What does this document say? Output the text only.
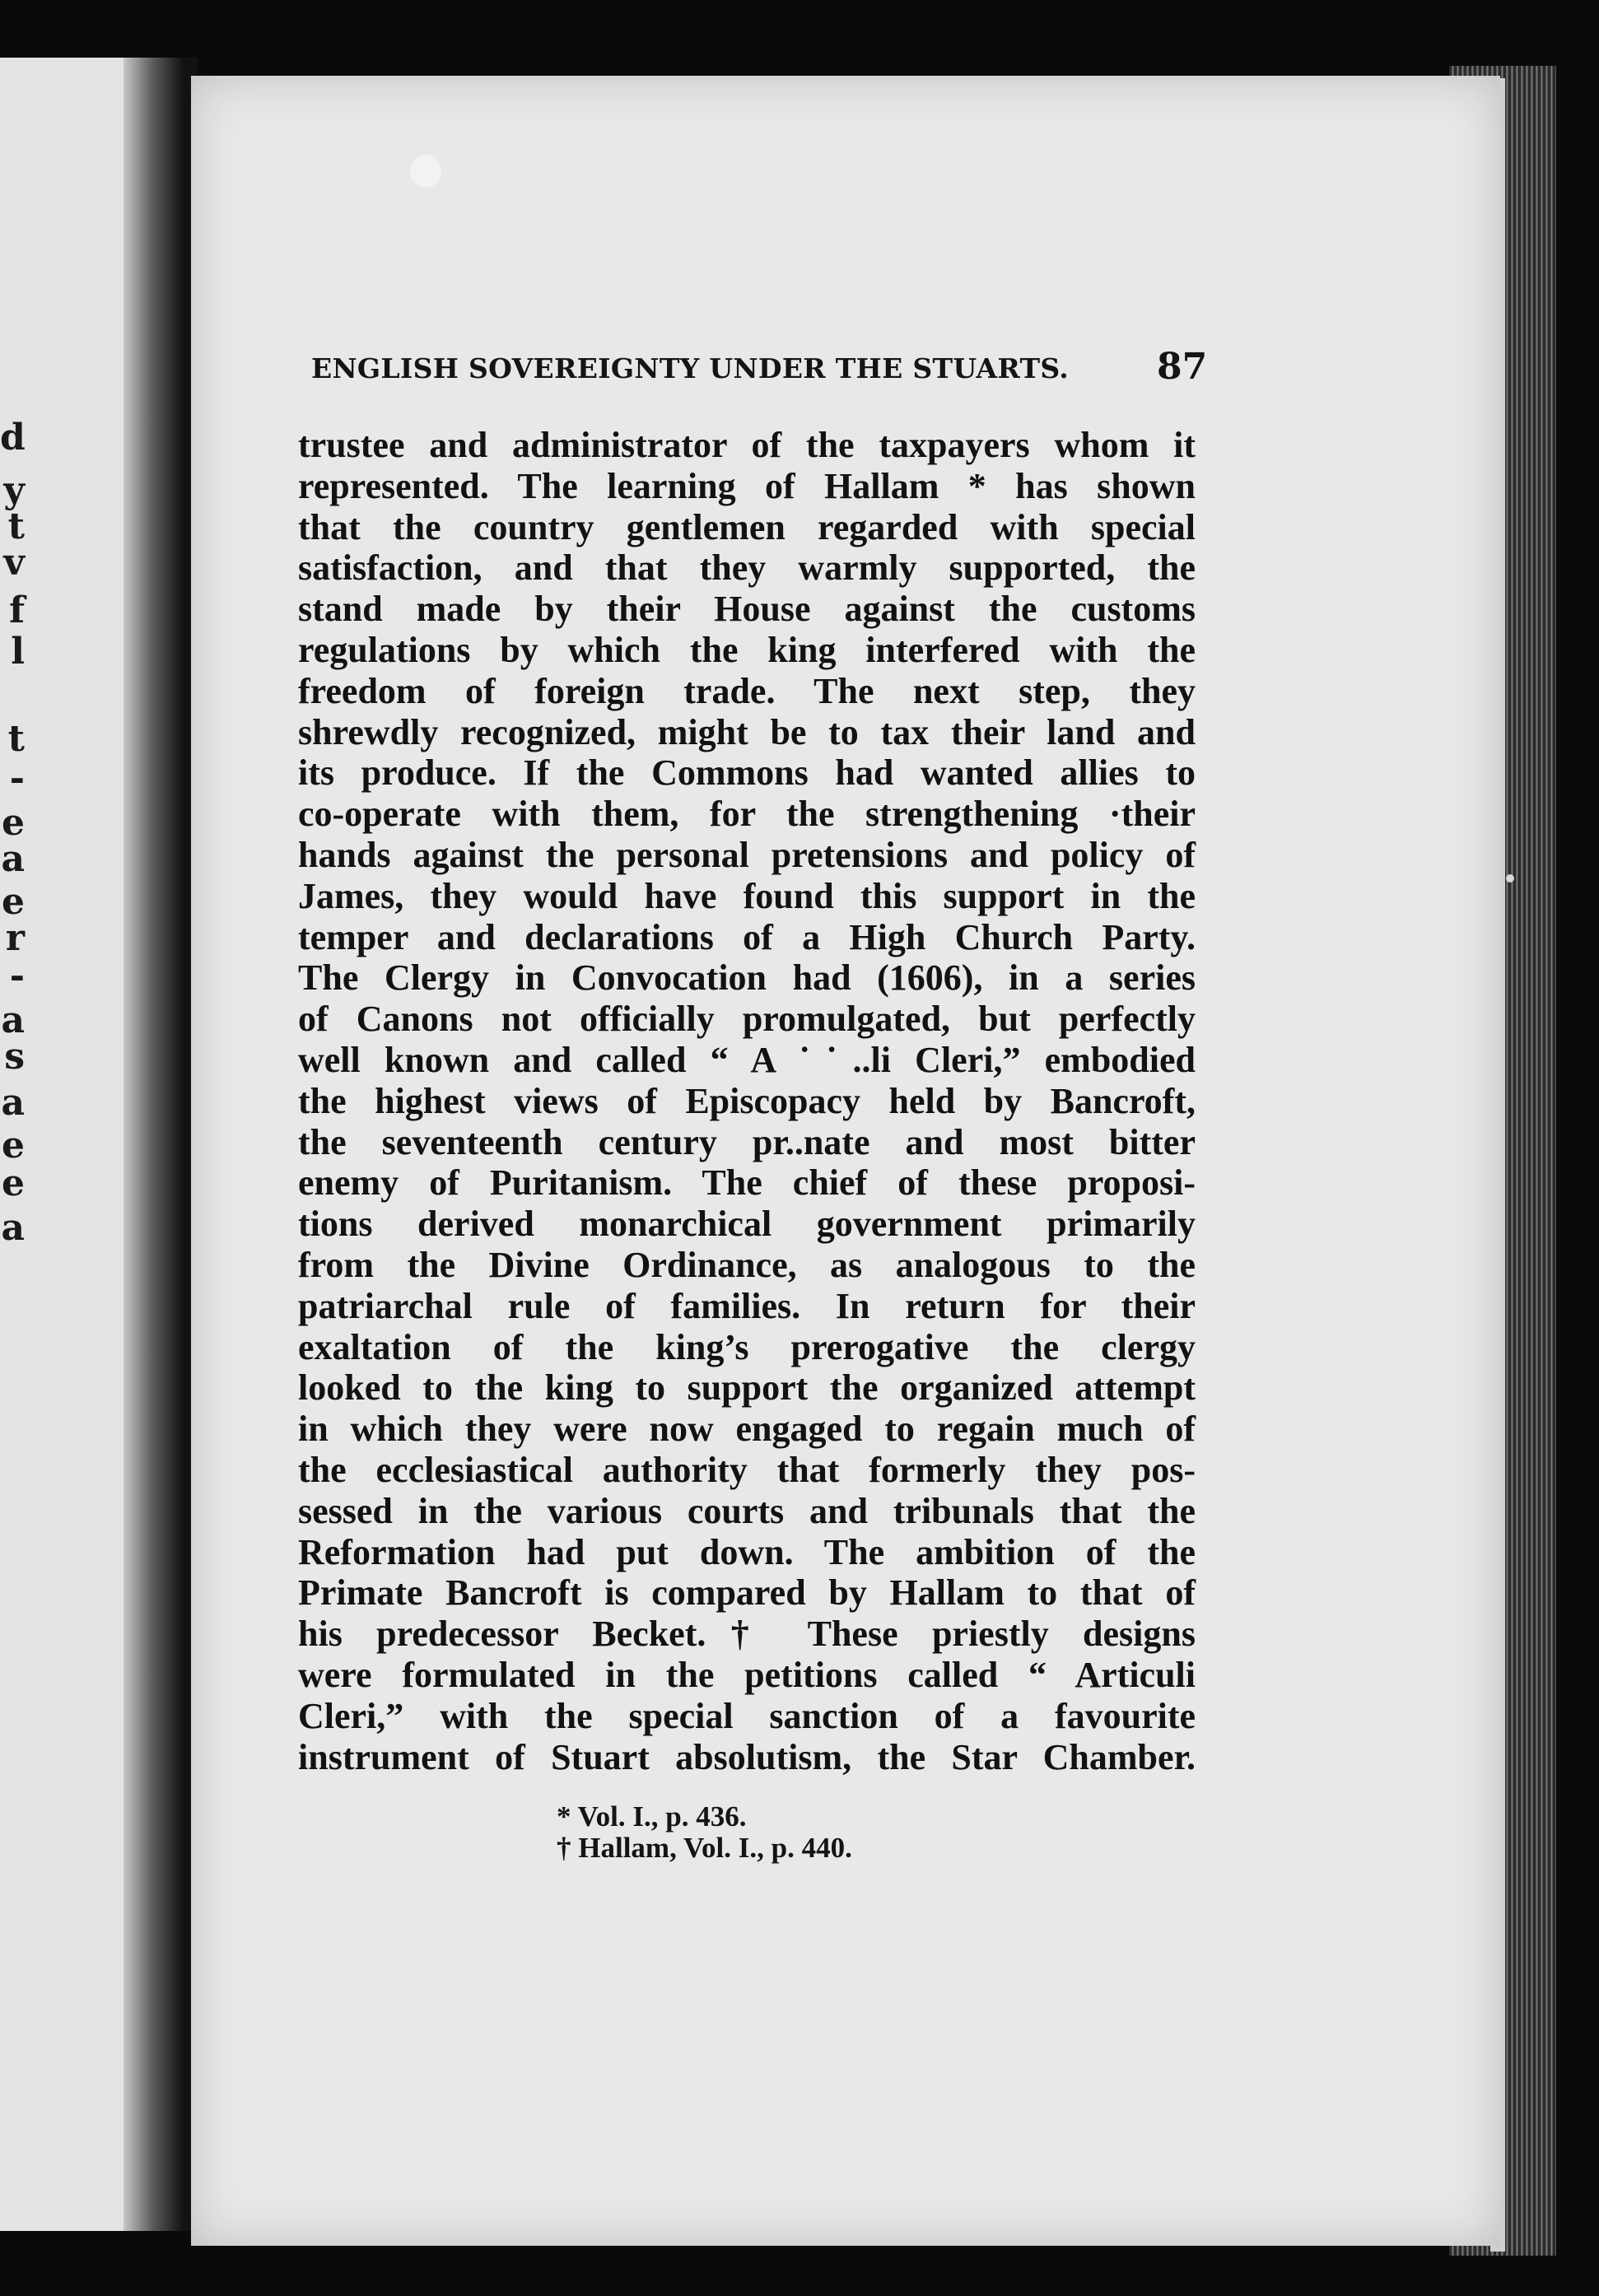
d
y
t
v
f
l
t
-
e
a
e
r
-
a
s
a
e
e
a
ENGLISH SOVEREIGNTY UNDER THE STUARTS.	87
trustee and administrator of the taxpayers whom it
represented. The learning of Hallam * has shown
that the country gentlemen regarded with special
satisfaction, and that they warmly supported, the
stand made by their House against the customs
regulations by which the king interfered with the
freedom of foreign trade. The next step, they
shrewdly recognized, might be to tax their land and
its produce. If the Commons had wanted allies to
co-operate with them, for the strengthening ·their
hands against the personal pretensions and policy of
James, they would have found this support in the
temper and declarations of a High Church Party.
The Clergy in Convocation had (1606), in a series
of Canons not officially promulgated, but perfectly
well known and called “ A ˙˙..li Cleri,” embodied
the highest views of Episcopacy held by Bancroft,
the seventeenth century pr..nate and most bitter
enemy of Puritanism. The chief of these proposi-
tions derived monarchical government primarily
from the Divine Ordinance, as analogous to the
patriarchal rule of families. In return for their
exaltation of the king’s prerogative the clergy
looked to the king to support the organized attempt
in which they were now engaged to regain much of
the ecclesiastical authority that formerly they pos-
sessed in the various courts and tribunals that the
Reformation had put down. The ambition of the
Primate Bancroft is compared by Hallam to that of
his predecessor Becket.† These priestly designs
were formulated in the petitions called “ Articuli
Cleri,” with the special sanction of a favourite
instrument of Stuart absolutism, the Star Chamber.
* Vol. I., p. 436.
† Hallam, Vol. I., p. 440.
